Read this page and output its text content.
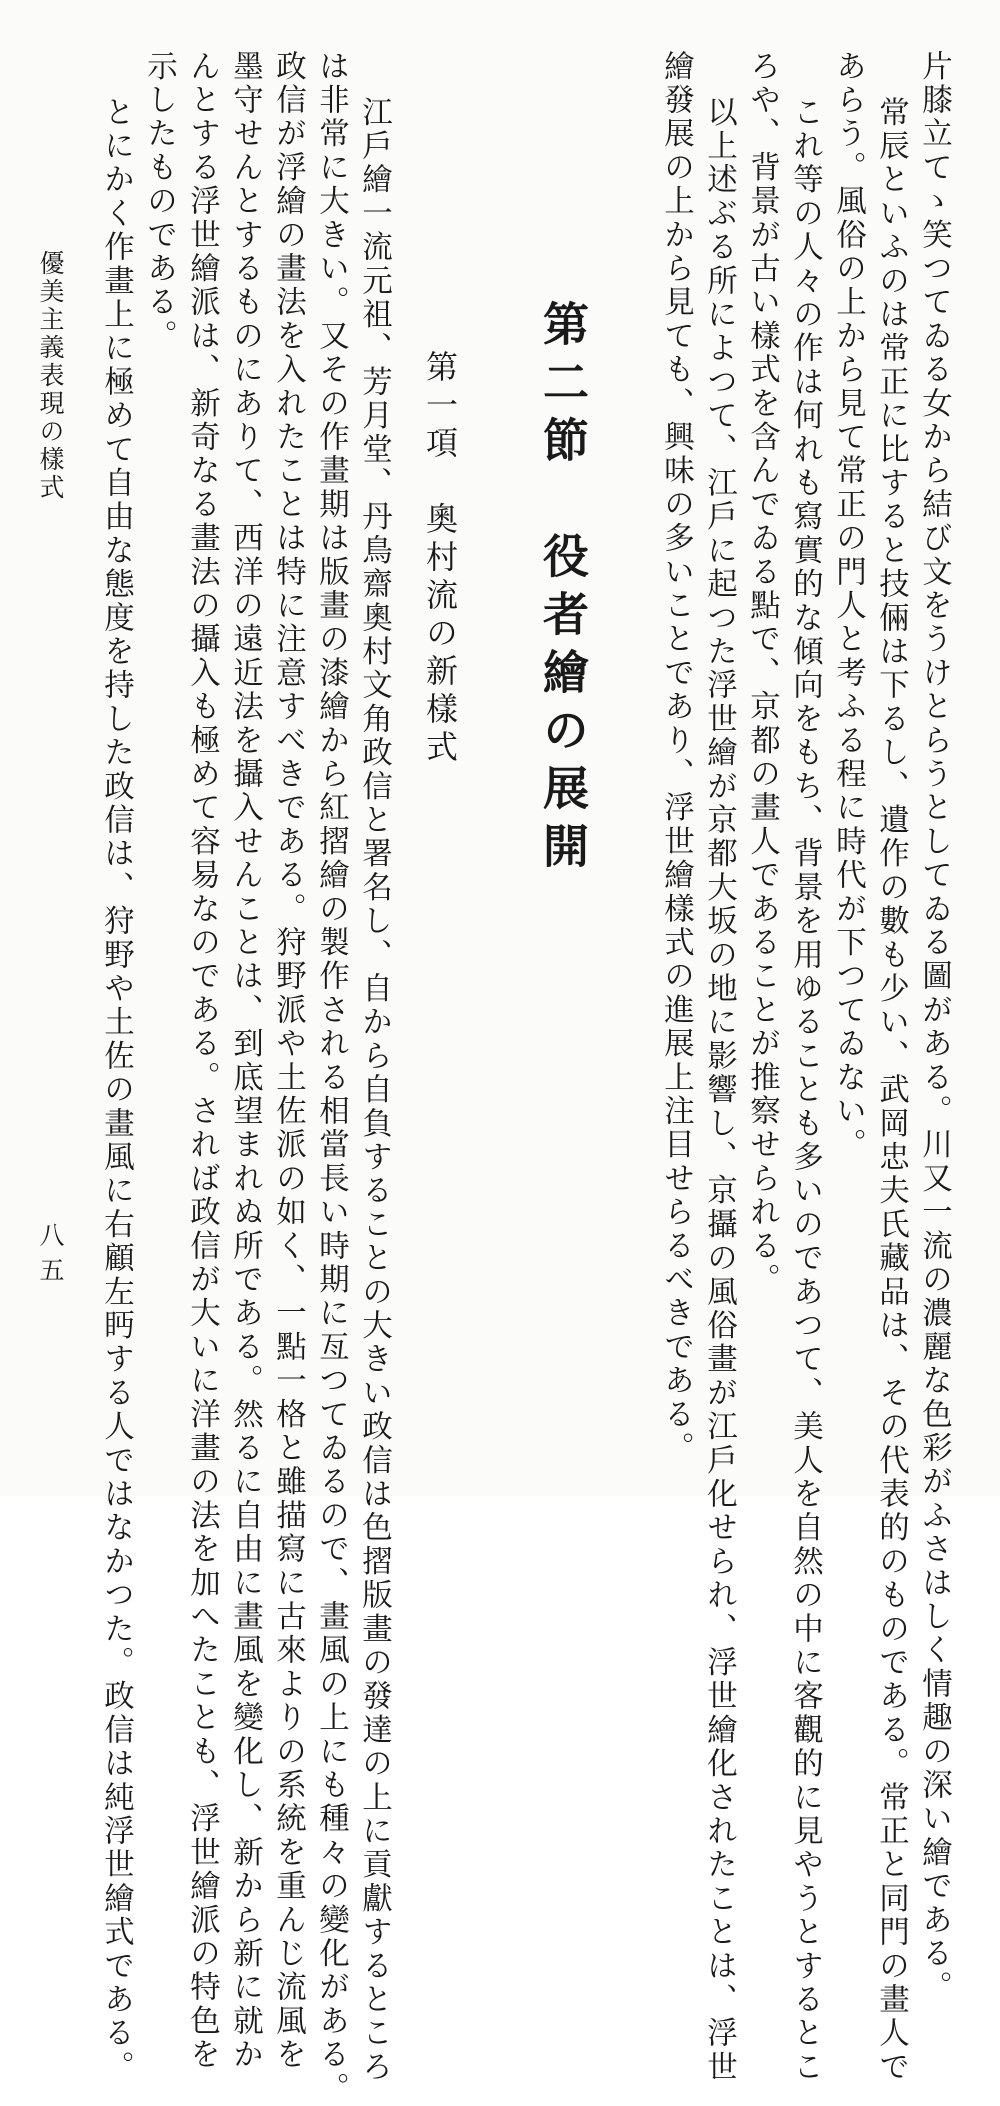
片膝立てゝ笑つてゐる女から結び文をうけとらうとしてゐる圖がある。川又一流の濃麗な色彩がふさはしく情趣の深い繪である。
常辰といふのは常正に比すると技倆は下るし、遺作の數も少い、武岡忠夫氏藏品は、その代表的のものである。常正と同門の畫人で
あらう。風俗の上から見て常正の門人と考ふる程に時代が下つてゐない。
これ等の人々の作は何れも寫實的な傾向をもち、背景を用ゆることも多いのであつて、美人を自然の中に客觀的に見やうとするとこ
ろや、背景が古い樣式を含んでゐる點で、京都の畫人であることが推察せられる。
以上述ぶる所によつて、江戶に起つた浮世繪が京都大坂の地に影響し、京攝の風俗畫が江戶化せられ、浮世繪化されたことは、浮世
繪發展の上から見ても、興味の多いことであり、浮世繪樣式の進展上注目せらるべきである。
第二節　役者繪の展開
第一項　奧村流の新樣式
江戶繪一流元祖、芳月堂、丹鳥齋奧村文角政信と署名し、自から自負することの大きい政信は色摺版畫の發達の上に貢獻するところ
は非常に大きい。又その作畫期は版畫の漆繪から紅摺繪の製作される相當長い時期に亙つてゐるので、畫風の上にも種々の變化がある。
政信が浮繪の畫法を入れたことは特に注意すべきである。狩野派や土佐派の如く、一點一格と雖描寫に古來よりの系統を重んじ流風を
墨守せんとするものにありて、西洋の遠近法を攝入せんことは、到底望まれぬ所である。然るに自由に畫風を變化し、新から新に就か
んとする浮世繪派は、新奇なる畫法の攝入も極めて容易なのである。されば政信が大いに洋畫の法を加へたことも、浮世繪派の特色を
示したものである。
とにかく作畫上に極めて自由な態度を持した政信は、狩野や土佐の畫風に右顧左眄する人ではなかつた。政信は純浮世繪式である。
優美主義表現の樣式
八五
